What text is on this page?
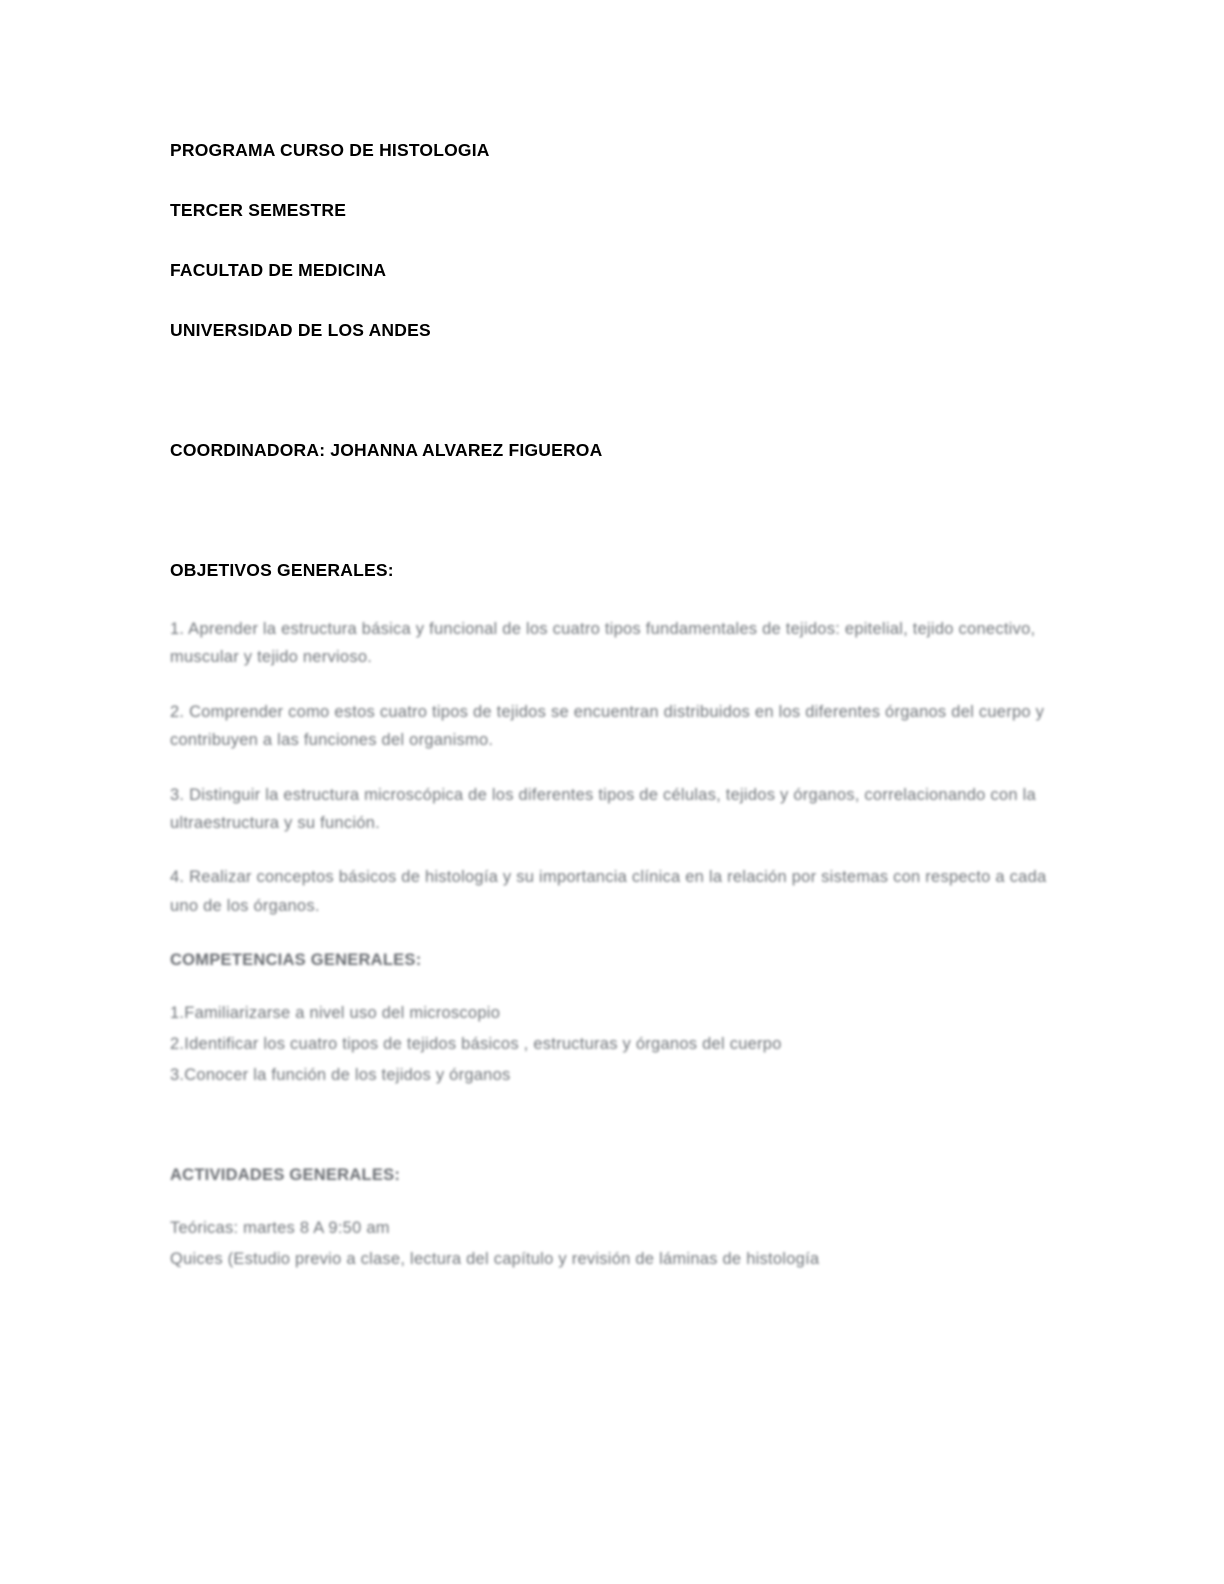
PROGRAMA CURSO DE HISTOLOGIA
TERCER SEMESTRE
FACULTAD DE MEDICINA
UNIVERSIDAD DE LOS ANDES
COORDINADORA: JOHANNA ALVAREZ FIGUEROA
OBJETIVOS GENERALES:

1. Aprender la estructura básica y funcional de los cuatro tipos fundamentales de tejidos: epitelial, tejido conectivo, muscular y tejido nervioso.

2. Comprender como estos cuatro tipos de tejidos se encuentran distribuidos en los diferentes órganos del cuerpo y contribuyen a las funciones del organismo.

3. Distinguir la estructura microscópica de los diferentes tipos de células, tejidos y órganos, correlacionando con la ultraestructura y su función.

4. Realizar conceptos básicos de histología y su importancia clínica en la relación por sistemas con respecto a cada uno de los órganos.

COMPETENCIAS GENERALES:

1.Familiarizarse a nivel uso del microscopio

2.Identificar los cuatro tipos de tejidos básicos , estructuras y órganos del cuerpo

3.Conocer la función de los tejidos y órganos

ACTIVIDADES GENERALES:

Teóricas: martes 8 A 9:50 am

Quices (Estudio previo a clase, lectura del capítulo y revisión de láminas de histología
